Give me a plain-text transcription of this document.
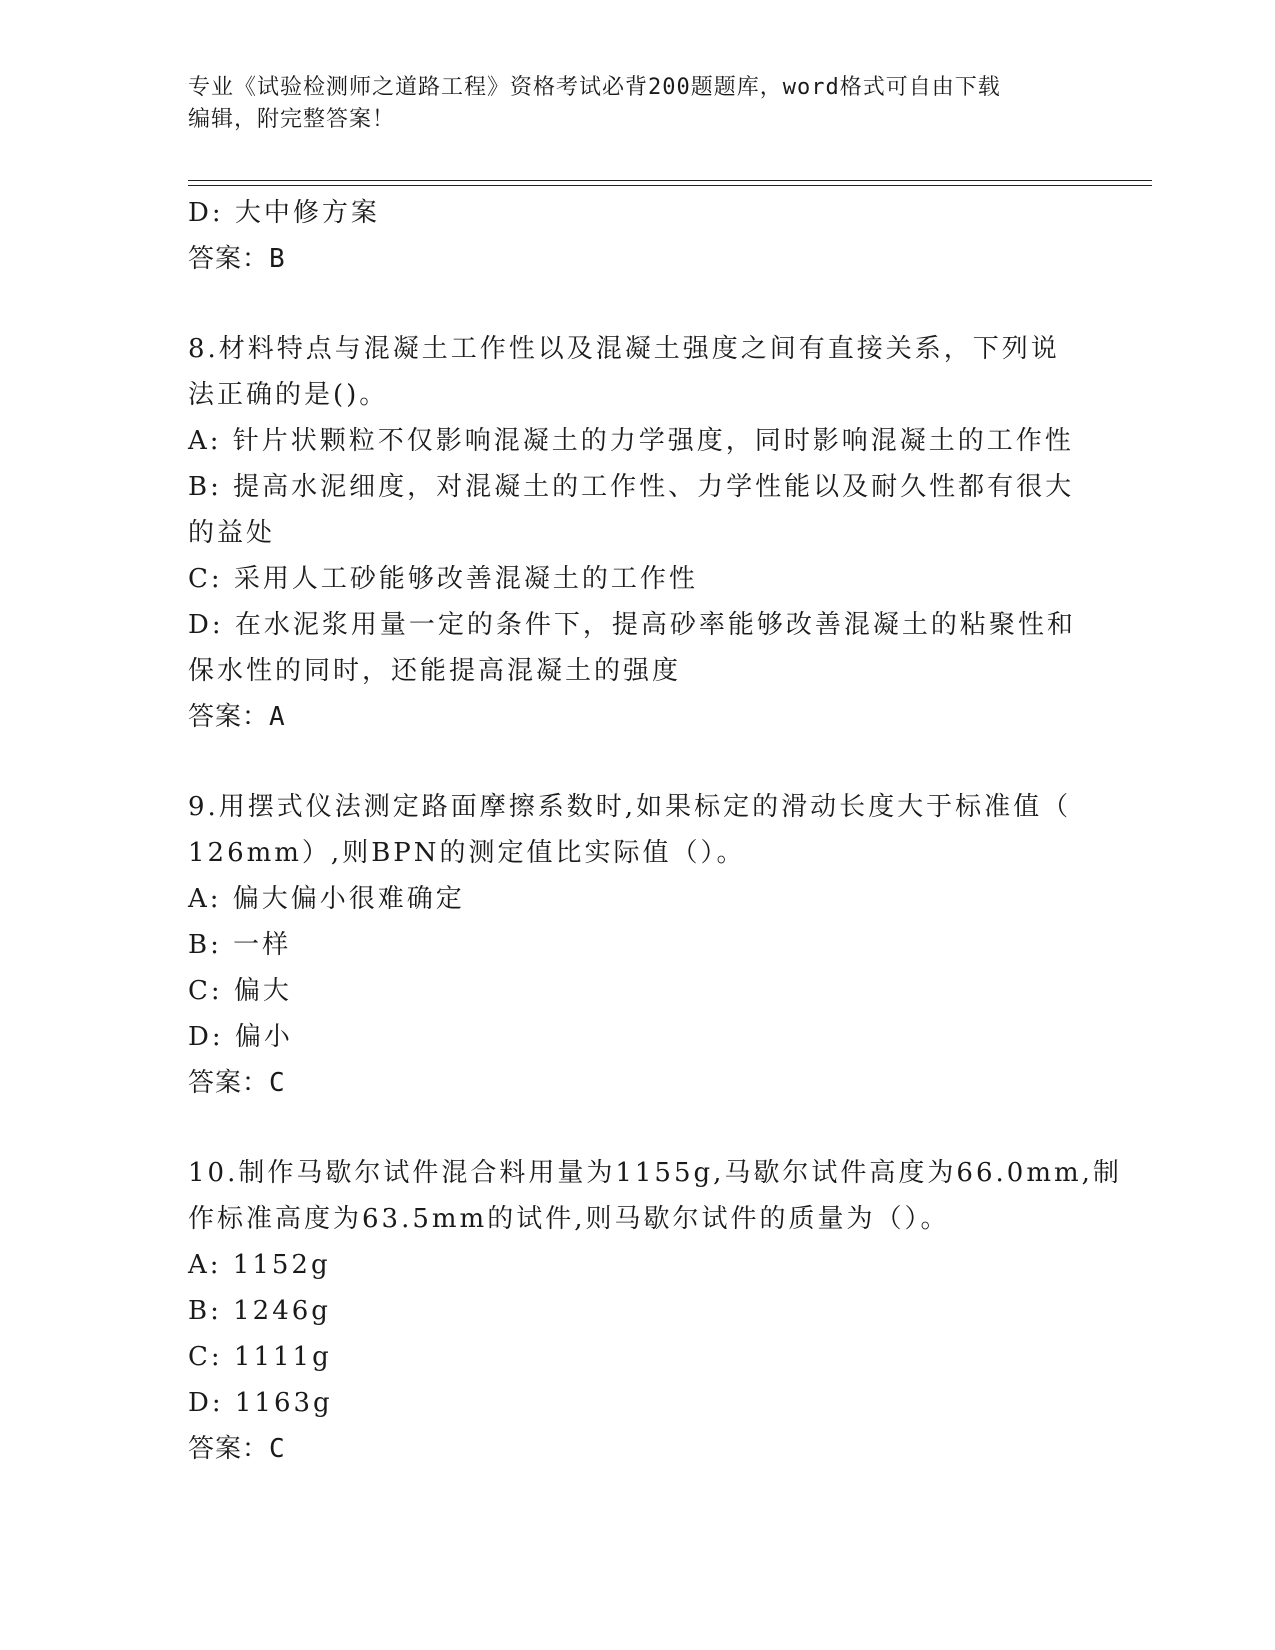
专业《试验检测师之道路工程》资格考试必背200题题库，word格式可自由下载
编辑，附完整答案！
D: 大中修方案
答案：B
8.材料特点与混凝土工作性以及混凝土强度之间有直接关系，下列说
法正确的是()。
A: 针片状颗粒不仅影响混凝土的力学强度，同时影响混凝土的工作性
B: 提高水泥细度，对混凝土的工作性、力学性能以及耐久性都有很大
的益处
C: 采用人工砂能够改善混凝土的工作性
D: 在水泥浆用量一定的条件下，提高砂率能够改善混凝土的粘聚性和
保水性的同时，还能提高混凝土的强度
答案：A
9.用摆式仪法测定路面摩擦系数时,如果标定的滑动长度大于标准值（
126mm）,则BPN的测定值比实际值（）。
A: 偏大偏小很难确定
B: 一样
C: 偏大
D: 偏小
答案：C
10.制作马歇尔试件混合料用量为1155g,马歇尔试件高度为66.0mm,制
作标准高度为63.5mm的试件,则马歇尔试件的质量为（）。
A: 1152g
B: 1246g
C: 1111g
D: 1163g
答案：C
